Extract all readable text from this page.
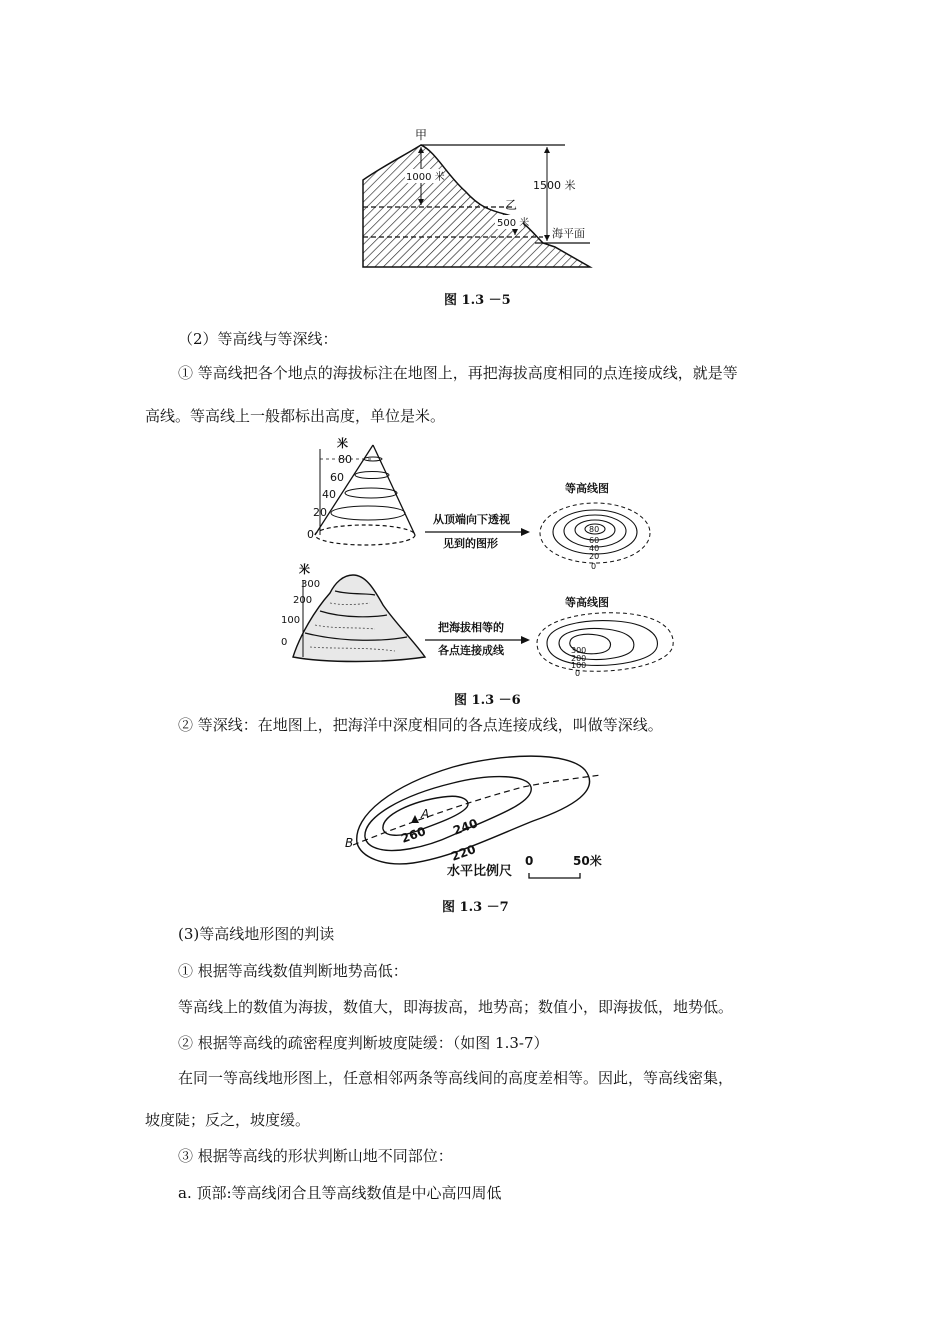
甲
1000 米
乙
500 米
1500 米
海平面
图 1.3 －5
（2）等高线与等深线：
① 等高线把各个地点的海拔标注在地图上，再把海拔高度相同的点连接成线，就是等
高线。等高线上一般都标出高度，单位是米。
米
80
60
40
20
0
从顶端向下透视
见到的图形
等高线图
80
60
40
20
0
米
300
200
100
0
把海拔相等的
各点连接成线
等高线图
300
200
100
0
图 1.3 －6
② 等深线：在地图上，把海洋中深度相同的各点连接成线，叫做等深线。
A
B	260 240
220
水平比例尺
0	50米
图 1.3 －7
(3)等高线地形图的判读
① 根据等高线数值判断地势高低：
等高线上的数值为海拔，数值大，即海拔高，地势高；数值小，即海拔低，地势低。
② 根据等高线的疏密程度判断坡度陡缓：（如图 1.3-7）
在同一等高线地形图上，任意相邻两条等高线间的高度差相等。因此，等高线密集，
坡度陡；反之，坡度缓。
③ 根据等高线的形状判断山地不同部位：
a. 顶部:等高线闭合且等高线数值是中心高四周低
